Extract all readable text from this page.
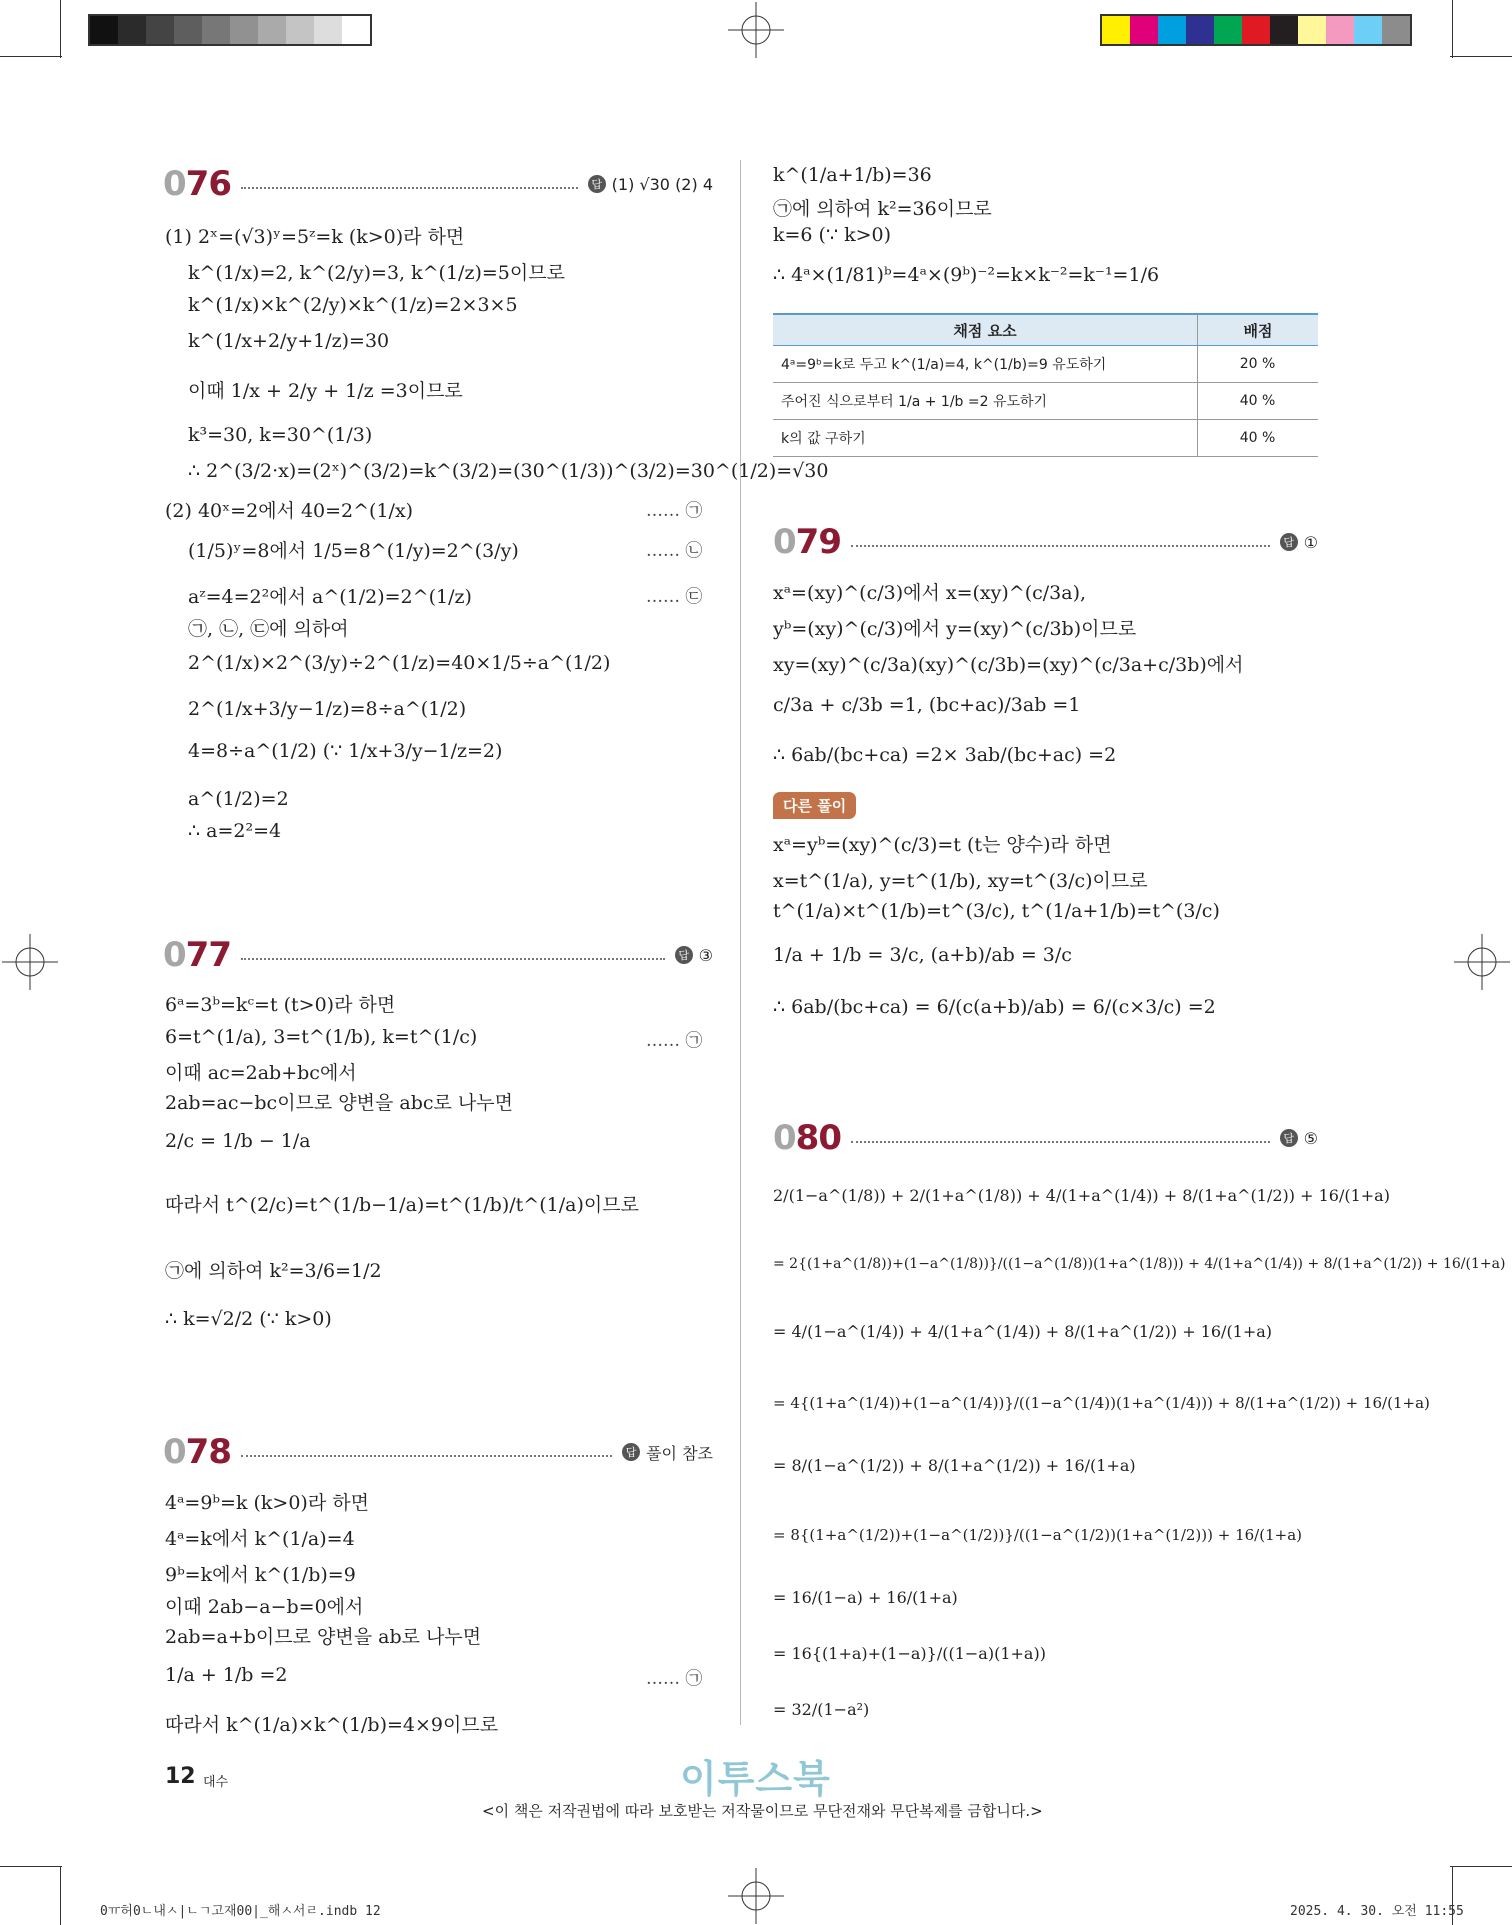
076	답 (1) √30 (2) 4
(1) 2ˣ=(√3)ʸ=5ᶻ=k (k>0)라 하면
k^(1/x)=2, k^(2/y)=3, k^(1/z)=5이므로
k^(1/x)×k^(2/y)×k^(1/z)=2×3×5
k^(1/x+2/y+1/z)=30
이때 1/x + 2/y + 1/z =3이므로
k³=30, k=30^(1/3)
∴ 2^(3/2·x)=(2ˣ)^(3/2)=k^(3/2)=(30^(1/3))^(3/2)=30^(1/2)=√30
(2) 40ˣ=2에서 40=2^(1/x)	…… ㉠
(1/5)ʸ=8에서 1/5=8^(1/y)=2^(3/y)	…… ㉡
aᶻ=4=2²에서 a^(1/2)=2^(1/z)	…… ㉢
㉠, ㉡, ㉢에 의하여
2^(1/x)×2^(3/y)÷2^(1/z)=40×1/5÷a^(1/2)
2^(1/x+3/y−1/z)=8÷a^(1/2)
4=8÷a^(1/2) (∵ 1/x+3/y−1/z=2)
a^(1/2)=2
∴ a=2²=4
077	답 ③
6ᵃ=3ᵇ=kᶜ=t (t>0)라 하면
6=t^(1/a), 3=t^(1/b), k=t^(1/c)	…… ㉠
이때 ac=2ab+bc에서
2ab=ac−bc이므로 양변을 abc로 나누면
2/c = 1/b − 1/a
따라서 t^(2/c)=t^(1/b−1/a)=t^(1/b)/t^(1/a)이므로
㉠에 의하여 k²=3/6=1/2
∴ k=√2/2 (∵ k>0)
078	답 풀이 참조
4ᵃ=9ᵇ=k (k>0)라 하면
4ᵃ=k에서 k^(1/a)=4
9ᵇ=k에서 k^(1/b)=9
이때 2ab−a−b=0에서
2ab=a+b이므로 양변을 ab로 나누면
1/a + 1/b =2	…… ㉠
따라서 k^(1/a)×k^(1/b)=4×9이므로
k^(1/a+1/b)=36
㉠에 의하여 k²=36이므로
k=6 (∵ k>0)
∴ 4ᵃ×(1/81)ᵇ=4ᵃ×(9ᵇ)⁻²=k×k⁻²=k⁻¹=1/6
채점 요소	배점
4ᵃ=9ᵇ=k로 두고 k^(1/a)=4, k^(1/b)=9 유도하기	20 %
주어진 식으로부터 1/a + 1/b =2 유도하기	40 %
k의 값 구하기	40 %
079	답 ①
xᵃ=(xy)^(c/3)에서 x=(xy)^(c/3a),
yᵇ=(xy)^(c/3)에서 y=(xy)^(c/3b)이므로
xy=(xy)^(c/3a)(xy)^(c/3b)=(xy)^(c/3a+c/3b)에서
c/3a + c/3b =1, (bc+ac)/3ab =1
∴ 6ab/(bc+ca) =2× 3ab/(bc+ac) =2
다른 풀이
xᵃ=yᵇ=(xy)^(c/3)=t (t는 양수)라 하면
x=t^(1/a), y=t^(1/b), xy=t^(3/c)이므로
t^(1/a)×t^(1/b)=t^(3/c), t^(1/a+1/b)=t^(3/c)
1/a + 1/b = 3/c, (a+b)/ab = 3/c
∴ 6ab/(bc+ca) = 6/(c(a+b)/ab) = 6/(c×3/c) =2
080	답 ⑤
2/(1−a^(1/8)) + 2/(1+a^(1/8)) + 4/(1+a^(1/4)) + 8/(1+a^(1/2)) + 16/(1+a)
= 2{(1+a^(1/8))+(1−a^(1/8))}/((1−a^(1/8))(1+a^(1/8))) + 4/(1+a^(1/4)) + 8/(1+a^(1/2)) + 16/(1+a)
= 4/(1−a^(1/4)) + 4/(1+a^(1/4)) + 8/(1+a^(1/2)) + 16/(1+a)
= 4{(1+a^(1/4))+(1−a^(1/4))}/((1−a^(1/4))(1+a^(1/4))) + 8/(1+a^(1/2)) + 16/(1+a)
= 8/(1−a^(1/2)) + 8/(1+a^(1/2)) + 16/(1+a)
= 8{(1+a^(1/2))+(1−a^(1/2))}/((1−a^(1/2))(1+a^(1/2))) + 16/(1+a)
= 16/(1−a) + 16/(1+a)
= 16{(1+a)+(1−a)}/((1−a)(1+a))
= 32/(1−a²)
12 대수	이투스북
<이 책은 저작권법에 따라 보호받는 저작물이므로 무단전재와 무단복제를 금합니다.>
0ㅠ허0ㄴ내ㅅ|ㄴㄱ고재00|_해ㅅ서ㄹ.indb 12	2025. 4. 30. 오전 11:55
